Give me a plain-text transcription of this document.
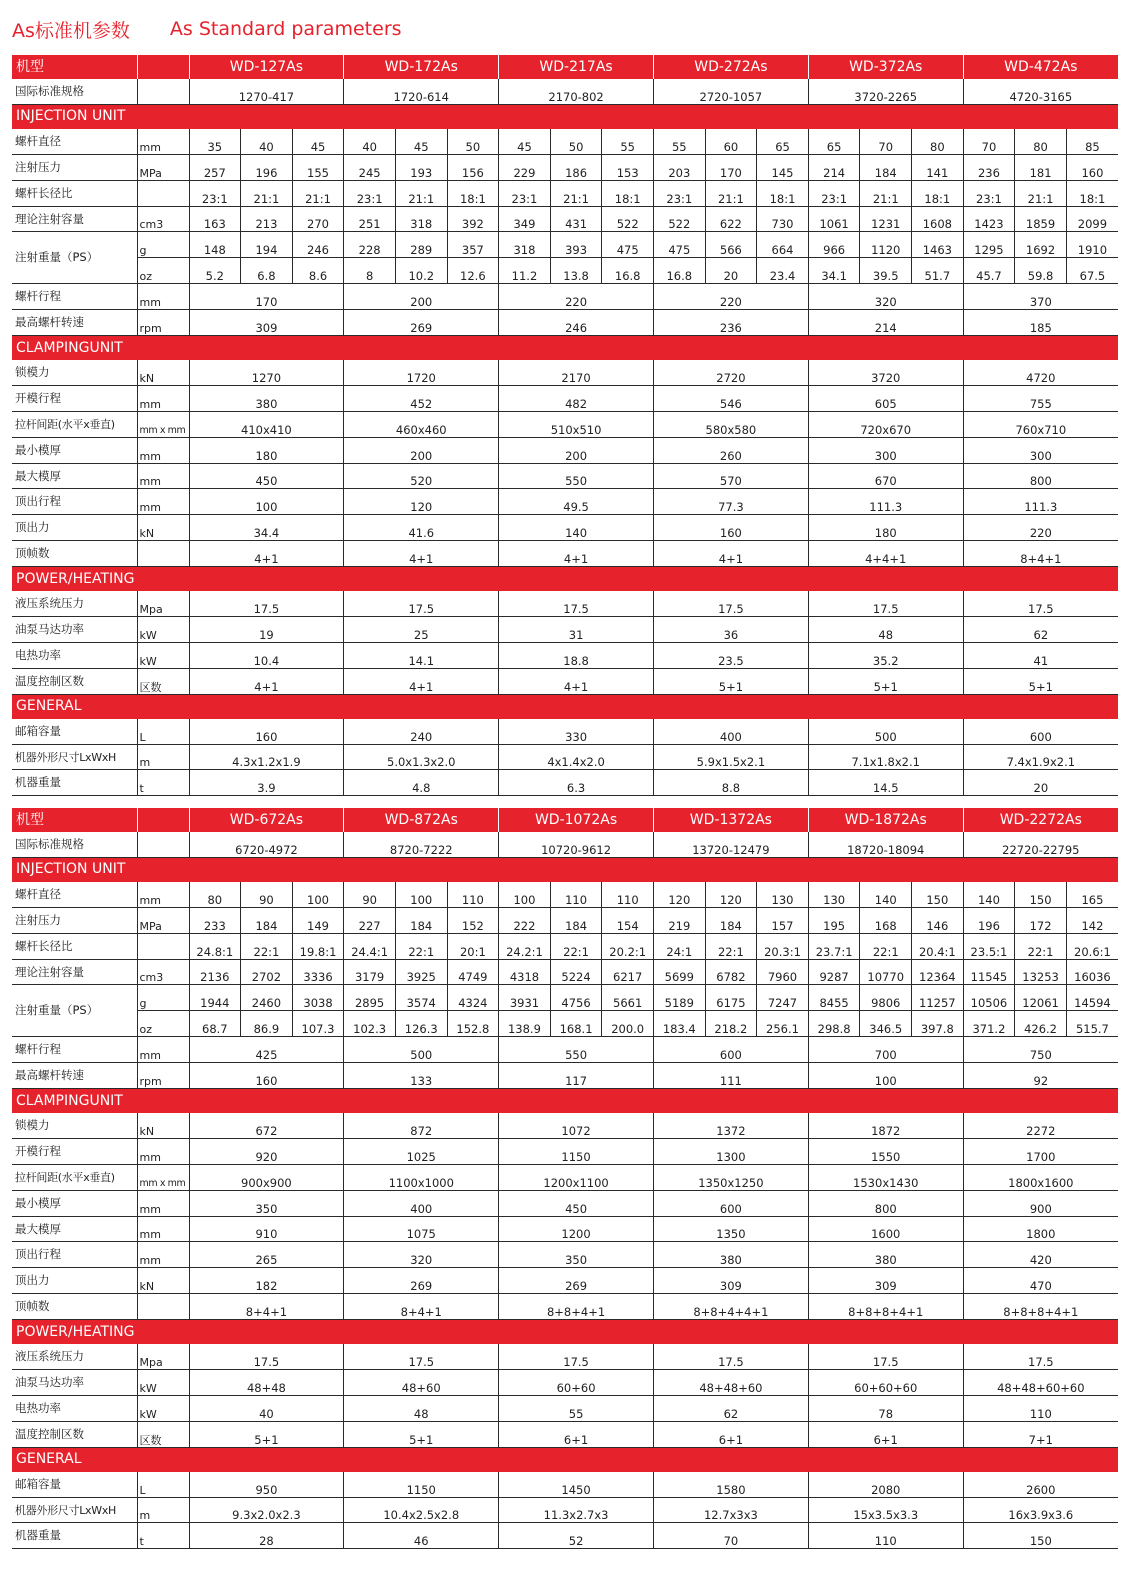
As标准机参数 As Standard parameters
机型		WD-127As	WD-172As	WD-217As	WD-272As	WD-372As	WD-472As
国际标准规格		1270-417	1720-614	2170-802	2720-1057	3720-2265	4720-3165
INJECTION UNIT
螺杆直径	mm	35	40	45	40	45	50	45	50	55	55	60	65	65	70	80	70	80	85
注射压力	MPa	257	196	155	245	193	156	229	186	153	203	170	145	214	184	141	236	181	160
螺杆长径比		23:1	21:1	21:1	23:1	21:1	18:1	23:1	21:1	18:1	23:1	21:1	18:1	23:1	21:1	18:1	23:1	21:1	18:1
理论注射容量	cm3	163	213	270	251	318	392	349	431	522	522	622	730	1061	1231	1608	1423	1859	2099
注射重量（PS）	g	148	194	246	228	289	357	318	393	475	475	566	664	966	1120	1463	1295	1692	1910
oz	5.2	6.8	8.6	8	10.2	12.6	11.2	13.8	16.8	16.8	20	23.4	34.1	39.5	51.7	45.7	59.8	67.5
螺杆行程	mm	170	200	220	220	320	370
最高螺杆转速	rpm	309	269	246	236	214	185
CLAMPINGUNIT
锁模力	kN	1270	1720	2170	2720	3720	4720
开模行程	mm	380	452	482	546	605	755
拉杆间距(水平x垂直)	mm x mm	410x410	460x460	510x510	580x580	720x670	760x710
最小模厚	mm	180	200	200	260	300	300
最大模厚	mm	450	520	550	570	670	800
顶出行程	mm	100	120	49.5	77.3	111.3	111.3
顶出力	kN	34.4	41.6	140	160	180	220
顶帧数		4+1	4+1	4+1	4+1	4+4+1	8+4+1
POWER/HEATING
液压系统压力	Mpa	17.5	17.5	17.5	17.5	17.5	17.5
油泵马达功率	kW	19	25	31	36	48	62
电热功率	kW	10.4	14.1	18.8	23.5	35.2	41
温度控制区数	区数	4+1	4+1	4+1	5+1	5+1	5+1
GENERAL
邮箱容量	L	160	240	330	400	500	600
机器外形尺寸LxWxH	m	4.3x1.2x1.9	5.0x1.3x2.0	4x1.4x2.0	5.9x1.5x2.1	7.1x1.8x2.1	7.4x1.9x2.1
机器重量	t	3.9	4.8	6.3	8.8	14.5	20
机型		WD-672As	WD-872As	WD-1072As	WD-1372As	WD-1872As	WD-2272As
国际标准规格		6720-4972	8720-7222	10720-9612	13720-12479	18720-18094	22720-22795
INJECTION UNIT
螺杆直径	mm	80	90	100	90	100	110	100	110	110	120	120	130	130	140	150	140	150	165
注射压力	MPa	233	184	149	227	184	152	222	184	154	219	184	157	195	168	146	196	172	142
螺杆长径比		24.8:1	22:1	19.8:1	24.4:1	22:1	20:1	24.2:1	22:1	20.2:1	24:1	22:1	20.3:1	23.7:1	22:1	20.4:1	23.5:1	22:1	20.6:1
理论注射容量	cm3	2136	2702	3336	3179	3925	4749	4318	5224	6217	5699	6782	7960	9287	10770	12364	11545	13253	16036
注射重量（PS）	g	1944	2460	3038	2895	3574	4324	3931	4756	5661	5189	6175	7247	8455	9806	11257	10506	12061	14594
oz	68.7	86.9	107.3	102.3	126.3	152.8	138.9	168.1	200.0	183.4	218.2	256.1	298.8	346.5	397.8	371.2	426.2	515.7
螺杆行程	mm	425	500	550	600	700	750
最高螺杆转速	rpm	160	133	117	111	100	92
CLAMPINGUNIT
锁模力	kN	672	872	1072	1372	1872	2272
开模行程	mm	920	1025	1150	1300	1550	1700
拉杆间距(水平x垂直)	mm x mm	900x900	1100x1000	1200x1100	1350x1250	1530x1430	1800x1600
最小模厚	mm	350	400	450	600	800	900
最大模厚	mm	910	1075	1200	1350	1600	1800
顶出行程	mm	265	320	350	380	380	420
顶出力	kN	182	269	269	309	309	470
顶帧数		8+4+1	8+4+1	8+8+4+1	8+8+4+4+1	8+8+8+4+1	8+8+8+4+1
POWER/HEATING
液压系统压力	Mpa	17.5	17.5	17.5	17.5	17.5	17.5
油泵马达功率	kW	48+48	48+60	60+60	48+48+60	60+60+60	48+48+60+60
电热功率	kW	40	48	55	62	78	110
温度控制区数	区数	5+1	5+1	6+1	6+1	6+1	7+1
GENERAL
邮箱容量	L	950	1150	1450	1580	2080	2600
机器外形尺寸LxWxH	m	9.3x2.0x2.3	10.4x2.5x2.8	11.3x2.7x3	12.7x3x3	15x3.5x3.3	16x3.9x3.6
机器重量	t	28	46	52	70	110	150
